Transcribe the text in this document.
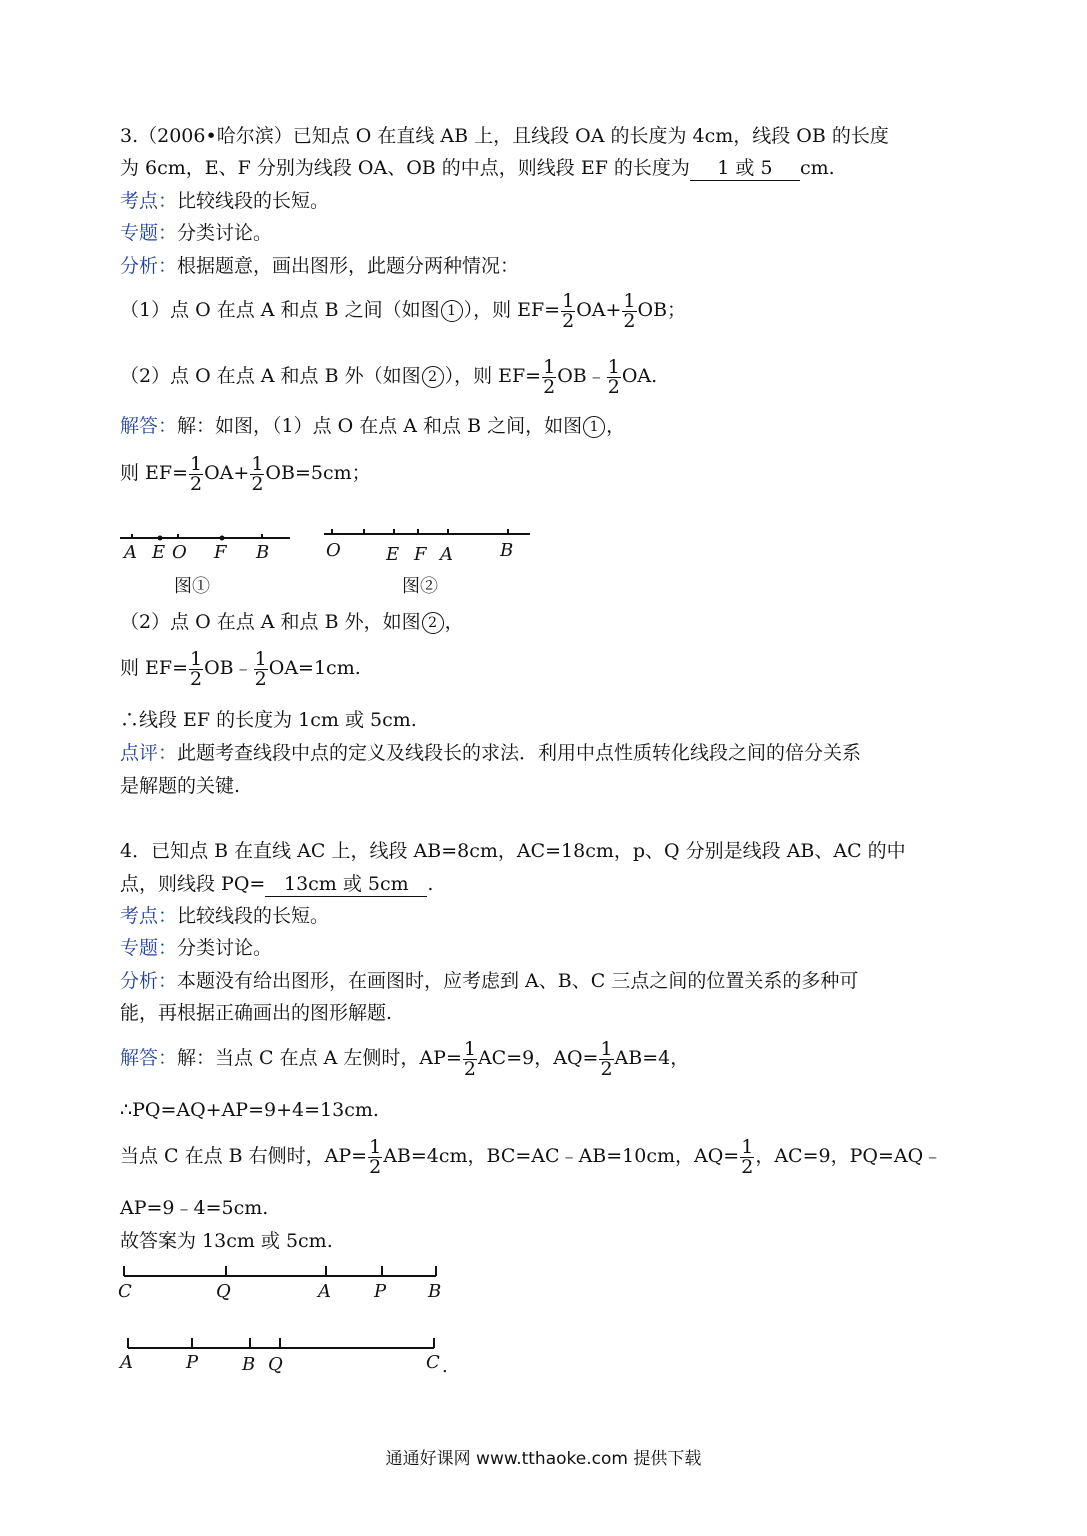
3.（2006•哈尔滨）已知点 O 在直线 AB 上，且线段 OA 的长度为 4cm，线段 OB 的长度
为 6cm，E、F 分别为线段 OA、OB 的中点，则线段 EF 的长度为 1 或 5 cm.
考点：比较线段的长短。
专题：分类讨论。
分析：根据题意，画出图形，此题分两种情况：
（1）点 O 在点 A 和点 B 之间（如图 1 ），则 $EF= \frac{1}{2} OA+ \frac{1}{2}$ OB；
（2）点 O 在点 A 和点 B 外（如图 2 ），则 $EF= \frac{1}{2}$ OB﹣ $\frac{1}{2}$ OA.
解答：解：如图，（1）点 O 在点 A 和点 B 之间，如图 1 ，
则 $EF= \frac{1}{2} OA+ \frac{1}{2} OB=5cm$；
A E O F B
图①
O	E F A	B
图②
（2）点 O 在点 A 和点 B 外，如图 2 ，
则 $EF= \frac{1}{2}$ OB﹣ $\frac{1}{2} OA=1cm$.
∴线段 EF 的长度为 1cm 或 5cm.
点评：此题考查线段中点的定义及线段长的求法．利用中点性质转化线段之间的倍分关系
是解题的关键.
4．已知点 B 在直线 AC 上，线段 AB=8cm，AC=18cm，p、Q 分别是线段 AB、AC 的中
点，则线段 PQ= 13cm 或 5cm .
考点：比较线段的长短。
专题：分类讨论。
分析：本题没有给出图形，在画图时，应考虑到 A、B、C 三点之间的位置关系的多种可
能，再根据正确画出的图形解题.
解答：解：当点 C 在点 A 左侧时，$AP= \frac{1}{2} AC=9$，$AQ= \frac{1}{2} AB=4$，
∴PQ=AQ+AP=9+4=13cm.
当点 C 在点 B 右侧时，$AP= \frac{1}{2} AB=4cm$，BC=AC﹣AB=10cm，$AQ= \frac{1}{2}$ ，AC=9，PQ=AQ﹣
AP=9﹣4=5cm.
故答案为 13cm 或 5cm.
C	Q	A P B
A	P B Q	C .
通通好课网 www.tthaoke.com 提供下载
